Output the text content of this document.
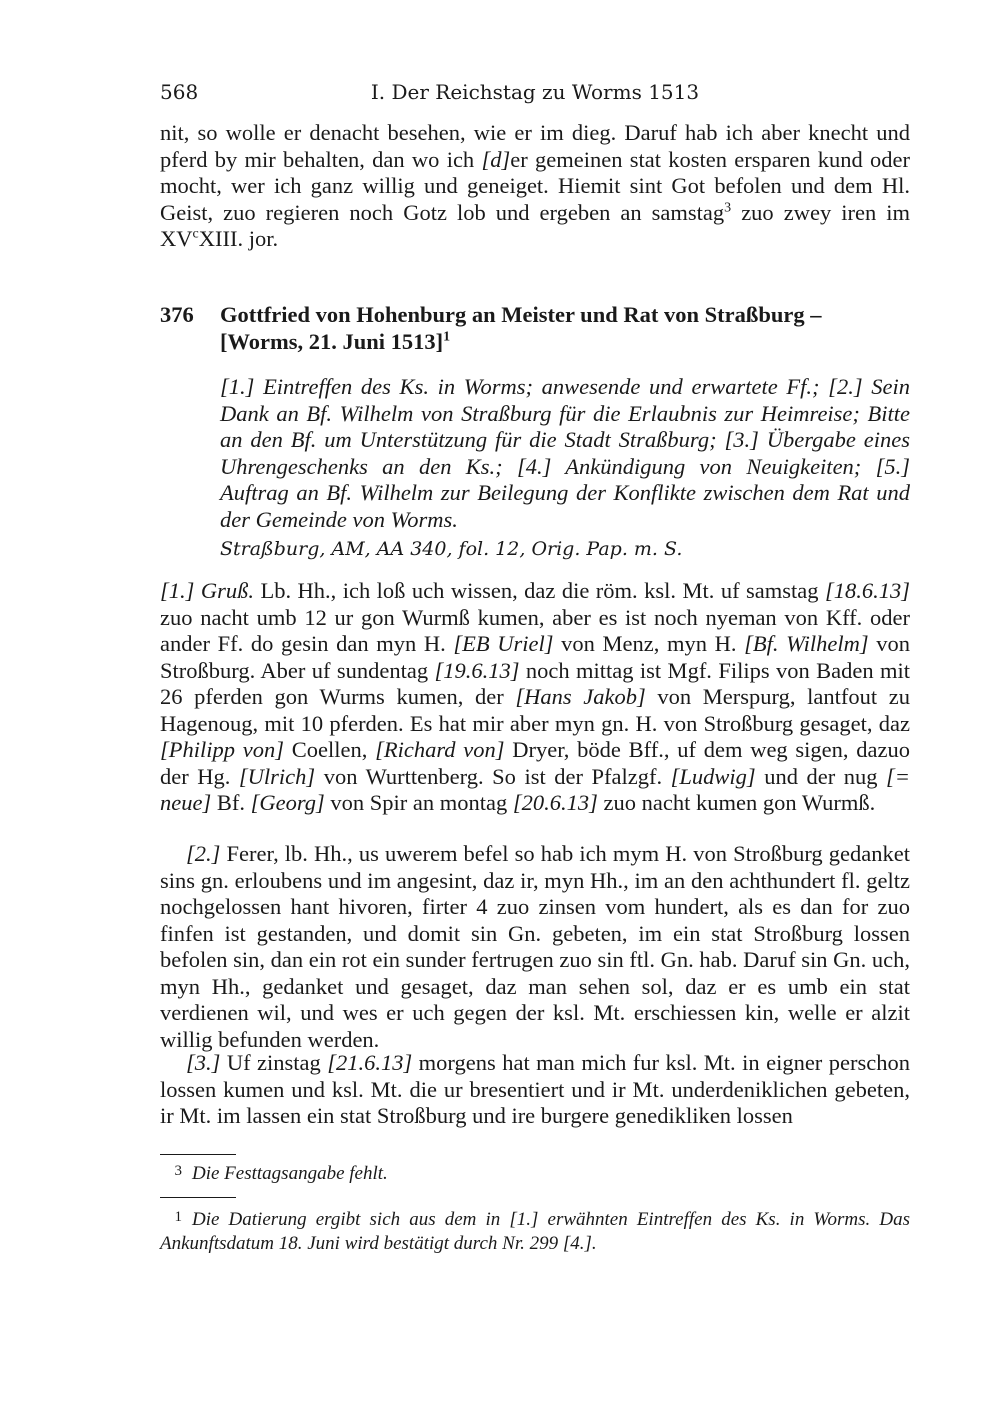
568	I. Der Reichstag zu Worms 1513
nit, so wolle er denacht besehen, wie er im dieg. Daruf hab ich aber knecht und pferd by mir behalten, dan wo ich [d]er gemeinen stat kosten ersparen kund oder mocht, wer ich ganz willig und geneiget. Hiemit sint Got befolen und dem Hl. Geist, zuo regieren noch Gotz lob und ergeben an samstag$^3$ zuo zwey iren im $XV^cXIII$. jor.
376 Gottfried von Hohenburg an Meister und Rat von Straßburg – [Worms, 21. Juni 1513]$^1$
[1.] Eintreffen des Ks. in Worms; anwesende und erwartete Ff.; [2.] Sein Dank an Bf. Wilhelm von Straßburg für die Erlaubnis zur Heimreise; Bitte an den Bf. um Unterstützung für die Stadt Straßburg; [3.] Übergabe eines Uhrengeschenks an den Ks.; [4.] Ankündigung von Neuigkeiten; [5.] Auftrag an Bf. Wilhelm zur Beilegung der Konflikte zwischen dem Rat und der Gemeinde von Worms.
Straßburg, AM, AA 340, fol. 12, Orig. Pap. m. S.
[1.] Gruß. Lb. Hh., ich loß uch wissen, daz die röm. ksl. Mt. uf samstag [18.6.13] zuo nacht umb 12 ur gon Wurmß kumen, aber es ist noch nyeman von Kff. oder ander Ff. do gesin dan myn H. [EB Uriel] von Menz, myn H. [Bf. Wilhelm] von Stroßburg. Aber uf sundentag [19.6.13] noch mittag ist Mgf. Filips von Baden mit 26 pferden gon Wurms kumen, der [Hans Jakob] von Merspurg, lantfout zu Hagenoug, mit 10 pferden. Es hat mir aber myn gn. H. von Stroßburg gesaget, daz [Philipp von] Coellen, [Richard von] Dryer, böde Bff., uf dem weg sigen, dazuo der Hg. [Ulrich] von Wurttenberg. So ist der Pfalzgf. [Ludwig] und der nug [= neue] Bf. [Georg] von Spir an montag [20.6.13] zuo nacht kumen gon Wurmß.
[2.] Ferer, lb. Hh., us uwerem befel so hab ich mym H. von Stroßburg gedanket sins gn. erloubens und im angesint, daz ir, myn Hh., im an den achthundert fl. geltz nochgelossen hant hivoren, firter 4 zuo zinsen vom hundert, als es dan for zuo finfen ist gestanden, und domit sin Gn. gebeten, im ein stat Stroßburg lossen befolen sin, dan ein rot ein sunder fertrugen zuo sin ftl. Gn. hab. Daruf sin Gn. uch, myn Hh., gedanket und gesaget, daz man sehen sol, daz er es umb ein stat verdienen wil, und wes er uch gegen der ksl. Mt. erschiessen kin, welle er alzit willig befunden werden.
[3.] Uf zinstag [21.6.13] morgens hat man mich fur ksl. Mt. in eigner perschon lossen kumen und ksl. Mt. die ur bresentiert und ir Mt. underdeniklichen gebeten, ir Mt. im lassen ein stat Stroßburg und ire burgere genedikliken lossen
3 Die Festtagsangabe fehlt.
1 Die Datierung ergibt sich aus dem in [1.] erwähnten Eintreffen des Ks. in Worms. Das Ankunftsdatum 18. Juni wird bestätigt durch Nr. 299 [4.].
